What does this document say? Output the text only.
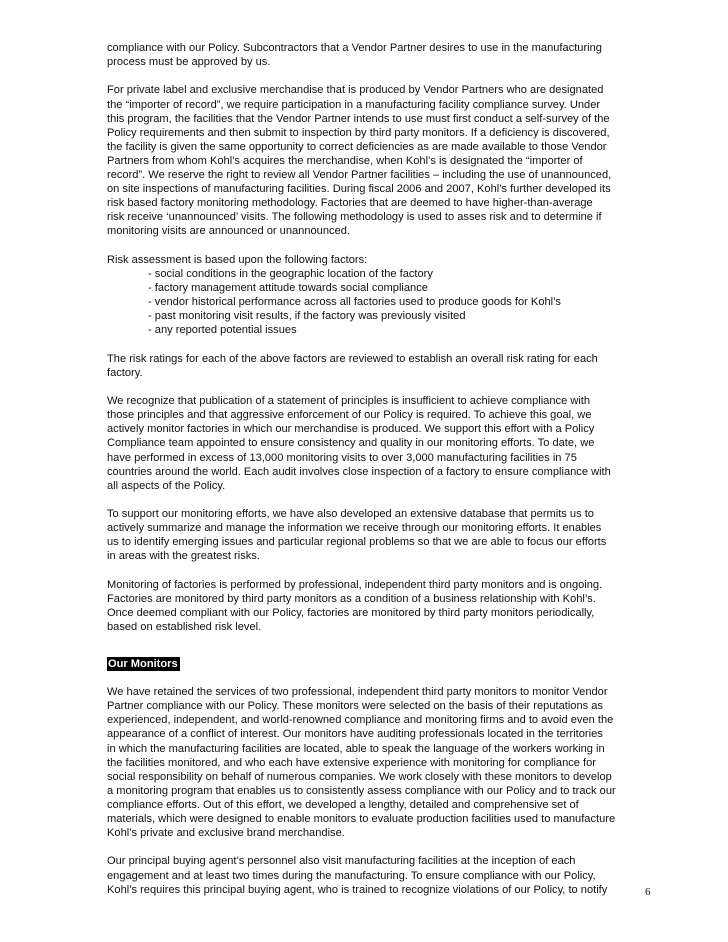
compliance with our Policy. Subcontractors that a Vendor Partner desires to use in the manufacturing
process must be approved by us.

For private label and exclusive merchandise that is produced by Vendor Partners who are designated
the “importer of record”, we require participation in a manufacturing facility compliance survey. Under
this program, the facilities that the Vendor Partner intends to use must first conduct a self-survey of the
Policy requirements and then submit to inspection by third party monitors. If a deficiency is discovered,
the facility is given the same opportunity to correct deficiencies as are made available to those Vendor
Partners from whom Kohl’s acquires the merchandise, when Kohl’s is designated the “importer of
record”. We reserve the right to review all Vendor Partner facilities – including the use of unannounced,
on site inspections of manufacturing facilities. During fiscal 2006 and 2007, Kohl’s further developed its
risk based factory monitoring methodology. Factories that are deemed to have higher-than-average
risk receive ‘unannounced’ visits. The following methodology is used to asses risk and to determine if
monitoring visits are announced or unannounced.

Risk assessment is based upon the following factors:
- social conditions in the geographic location of the factory
- factory management attitude towards social compliance
- vendor historical performance across all factories used to produce goods for Kohl’s
- past monitoring visit results, if the factory was previously visited
- any reported potential issues

The risk ratings for each of the above factors are reviewed to establish an overall risk rating for each
factory.

We recognize that publication of a statement of principles is insufficient to achieve compliance with
those principles and that aggressive enforcement of our Policy is required. To achieve this goal, we
actively monitor factories in which our merchandise is produced. We support this effort with a Policy
Compliance team appointed to ensure consistency and quality in our monitoring efforts. To date, we
have performed in excess of 13,000 monitoring visits to over 3,000 manufacturing facilities in 75
countries around the world. Each audit involves close inspection of a factory to ensure compliance with
all aspects of the Policy.

To support our monitoring efforts, we have also developed an extensive database that permits us to
actively summarize and manage the information we receive through our monitoring efforts. It enables
us to identify emerging issues and particular regional problems so that we are able to focus our efforts
in areas with the greatest risks.

Monitoring of factories is performed by professional, independent third party monitors and is ongoing.
Factories are monitored by third party monitors as a condition of a business relationship with Kohl’s.
Once deemed compliant with our Policy, factories are monitored by third party monitors periodically,
based on established risk level.

Our Monitors

We have retained the services of two professional, independent third party monitors to monitor Vendor
Partner compliance with our Policy. These monitors were selected on the basis of their reputations as
experienced, independent, and world-renowned compliance and monitoring firms and to avoid even the
appearance of a conflict of interest. Our monitors have auditing professionals located in the territories
in which the manufacturing facilities are located, able to speak the language of the workers working in
the facilities monitored, and who each have extensive experience with monitoring for compliance for
social responsibility on behalf of numerous companies. We work closely with these monitors to develop
a monitoring program that enables us to consistently assess compliance with our Policy and to track our
compliance efforts. Out of this effort, we developed a lengthy, detailed and comprehensive set of
materials, which were designed to enable monitors to evaluate production facilities used to manufacture
Kohl’s private and exclusive brand merchandise.

Our principal buying agent’s personnel also visit manufacturing facilities at the inception of each
engagement and at least two times during the manufacturing. To ensure compliance with our Policy,
Kohl’s requires this principal buying agent, who is trained to recognize violations of our Policy, to notify	6
